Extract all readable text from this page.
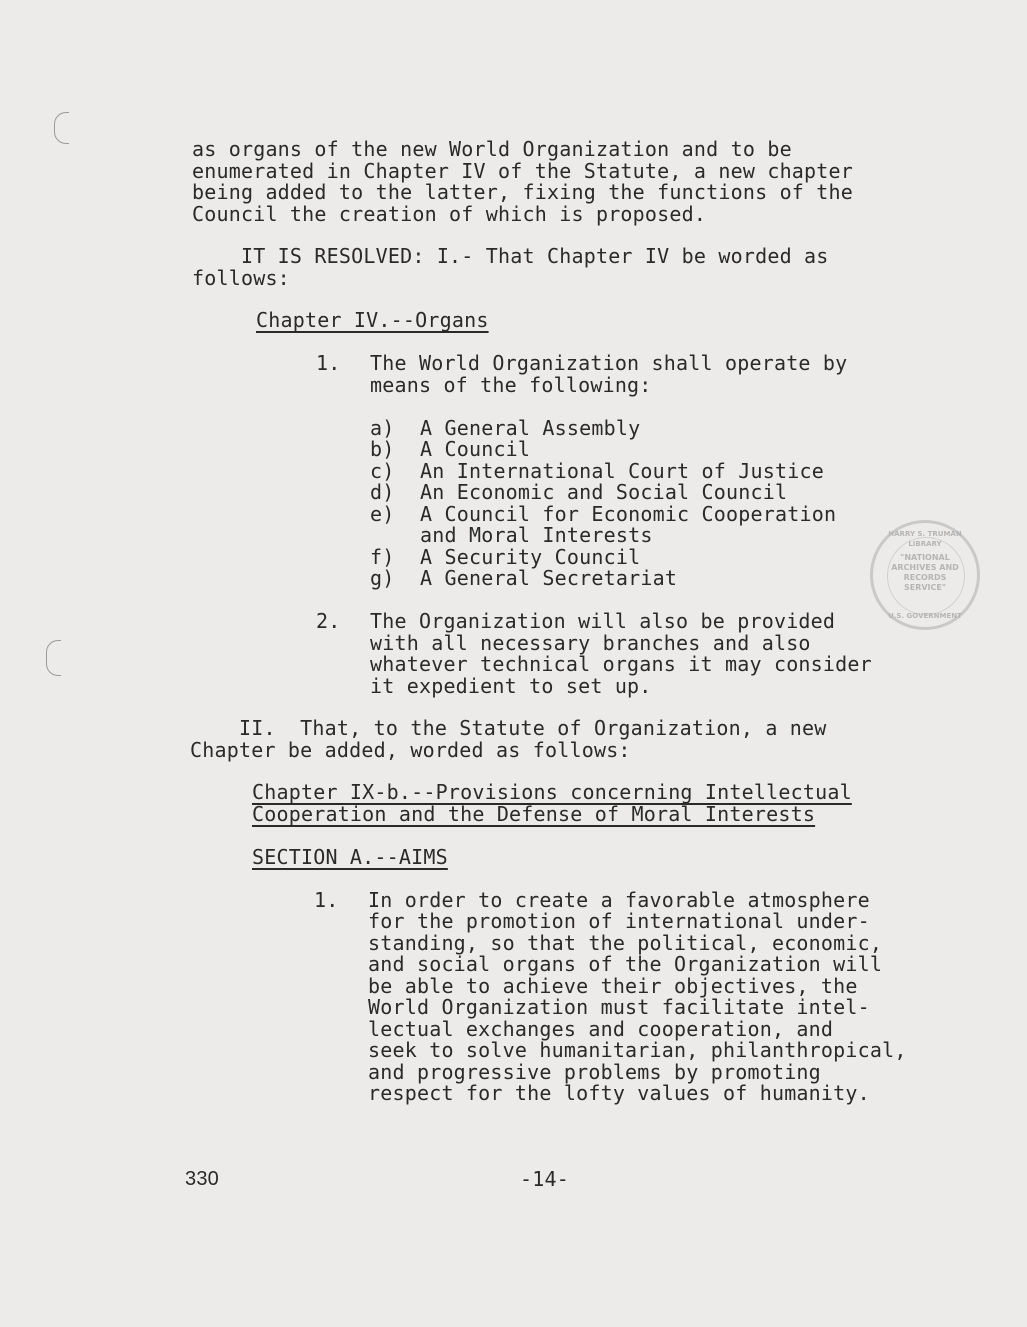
as organs of the new World Organization and to be
enumerated in Chapter IV of the Statute, a new chapter
being added to the latter, fixing the functions of the
Council the creation of which is proposed.
IT IS RESOLVED: I.- That Chapter IV be worded as
follows:
Chapter IV.--Organs
1. The World Organization shall operate by
means of the following:
a) A General Assembly
b) A Council
c) An International Court of Justice
d) An Economic and Social Council
e) A Council for Economic Cooperation
and Moral Interests
f) A Security Council
g) A General Secretariat
HARRY S. TRUMAN LIBRARY
"NATIONAL
ARCHIVES AND
RECORDS
SERVICE"
U.S. GOVERNMENT
2. The Organization will also be provided
with all necessary branches and also
whatever technical organs it may consider
it expedient to set up.
II.  That, to the Statute of Organization, a new
Chapter be added, worded as follows:
Chapter IX-b.--Provisions concerning Intellectual
Cooperation and the Defense of Moral Interests
SECTION A.--AIMS
1. In order to create a favorable atmosphere
for the promotion of international under-
standing, so that the political, economic,
and social organs of the Organization will
be able to achieve their objectives, the
World Organization must facilitate intel-
lectual exchanges and cooperation, and
seek to solve humanitarian, philanthropical,
and progressive problems by promoting
respect for the lofty values of humanity.
330	-14-
